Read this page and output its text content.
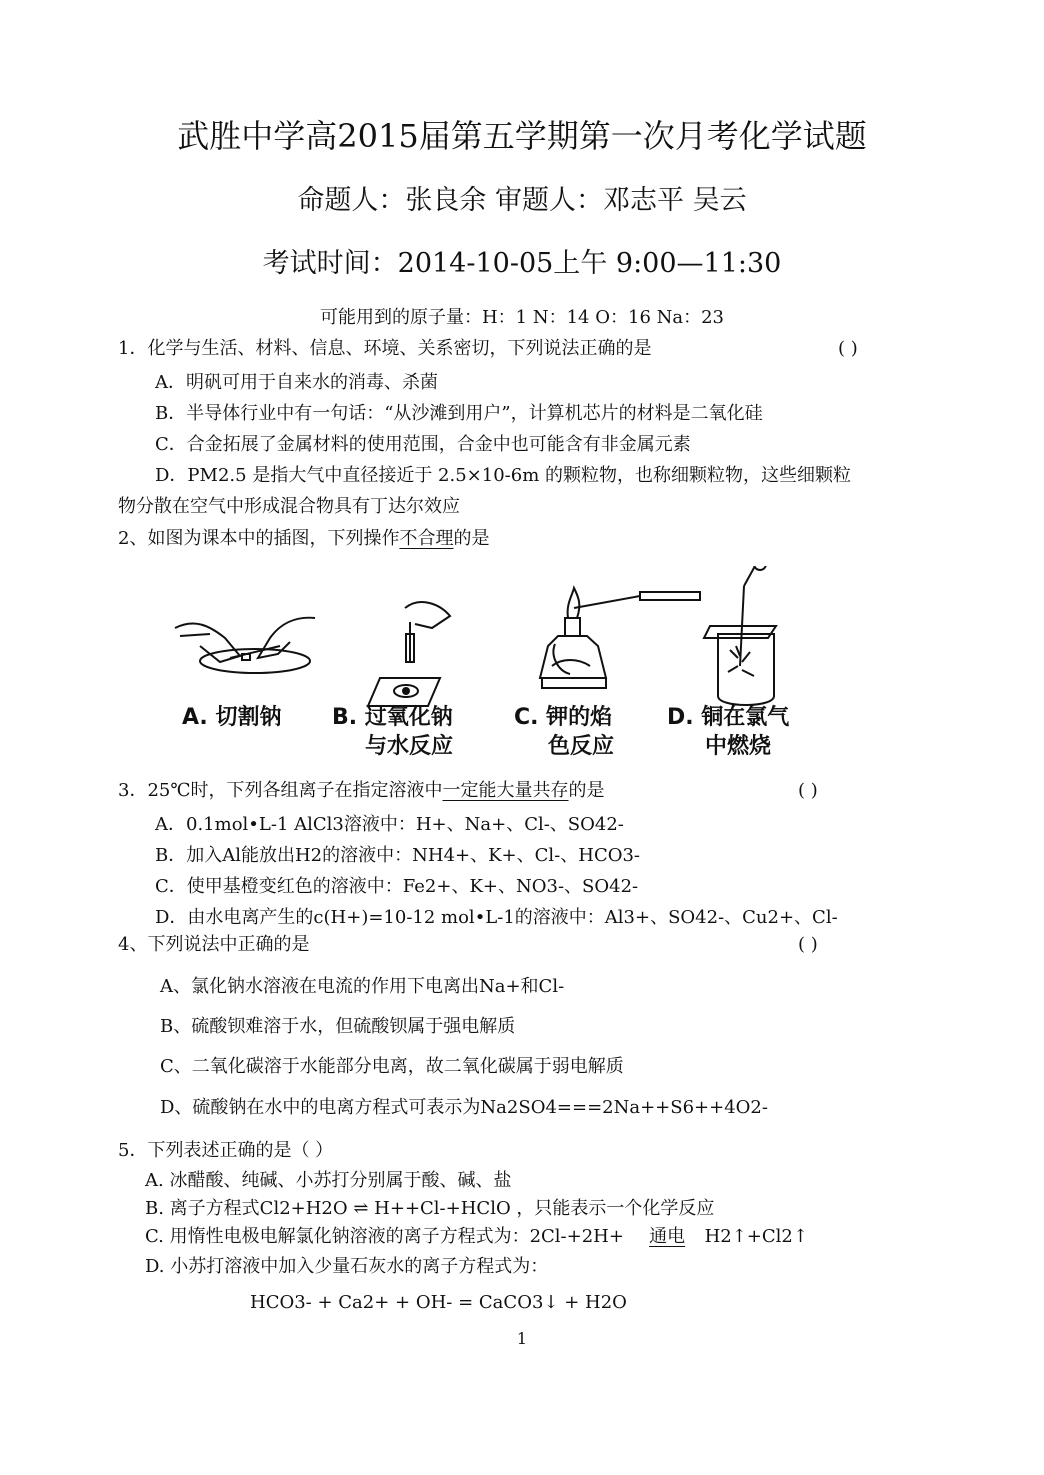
武胜中学高2015届第五学期第一次月考化学试题
命题人：张良余 审题人：邓志平 吴云
考试时间：2014-10-05上午 9:00—11:30
可能用到的原子量：H：1 N：14 O：16 Na：23
1．化学与生活、材料、信息、环境、关系密切，下列说法正确的是	( )
A．明矾可用于自来水的消毒、杀菌
B．半导体行业中有一句话：“从沙滩到用户”，计算机芯片的材料是二氧化硅
C．合金拓展了金属材料的使用范围，合金中也可能含有非金属元素
D．PM2.5 是指大气中直径接近于 2.5×10-6m 的颗粒物，也称细颗粒物，这些细颗粒
物分散在空气中形成混合物具有丁达尔效应
2、如图为课本中的插图，下列操作不合理的是
A. 切割钠 B. 过氧化钠
与水反应
C. 钾的焰
色反应
D. 铜在氯气
中燃烧
3．25℃时，下列各组离子在指定溶液中一定能大量共存的是	( )
A．0.1mol•L-1 AlCl3溶液中：H+、Na+、Cl-、SO42-
B．加入Al能放出H2的溶液中：NH4+、K+、Cl-、HCO3-
C．使甲基橙变红色的溶液中：Fe2+、K+、NO3-、SO42-
D．由水电离产生的c(H+)=10-12 mol•L-1的溶液中：Al3+、SO42-、Cu2+、Cl-
4、下列说法中正确的是	( )
A、氯化钠水溶液在电流的作用下电离出Na+和Cl-
B、硫酸钡难溶于水，但硫酸钡属于强电解质
C、二氧化碳溶于水能部分电离，故二氧化碳属于弱电解质
D、硫酸钠在水中的电离方程式可表示为Na2SO4===2Na++S6++4O2-
5．下列表述正确的是（ ）
A. 冰醋酸、纯碱、小苏打分别属于酸、碱、盐
B. 离子方程式Cl2+H2O ⇌ H++Cl-+HClO ，只能表示一个化学反应
C. 用惰性电极电解氯化钠溶液的离子方程式为：2Cl-+2H+ 通电 H2↑+Cl2↑
D. 小苏打溶液中加入少量石灰水的离子方程式为：
HCO3- + Ca2+ + OH- = CaCO3↓ + H2O
1
